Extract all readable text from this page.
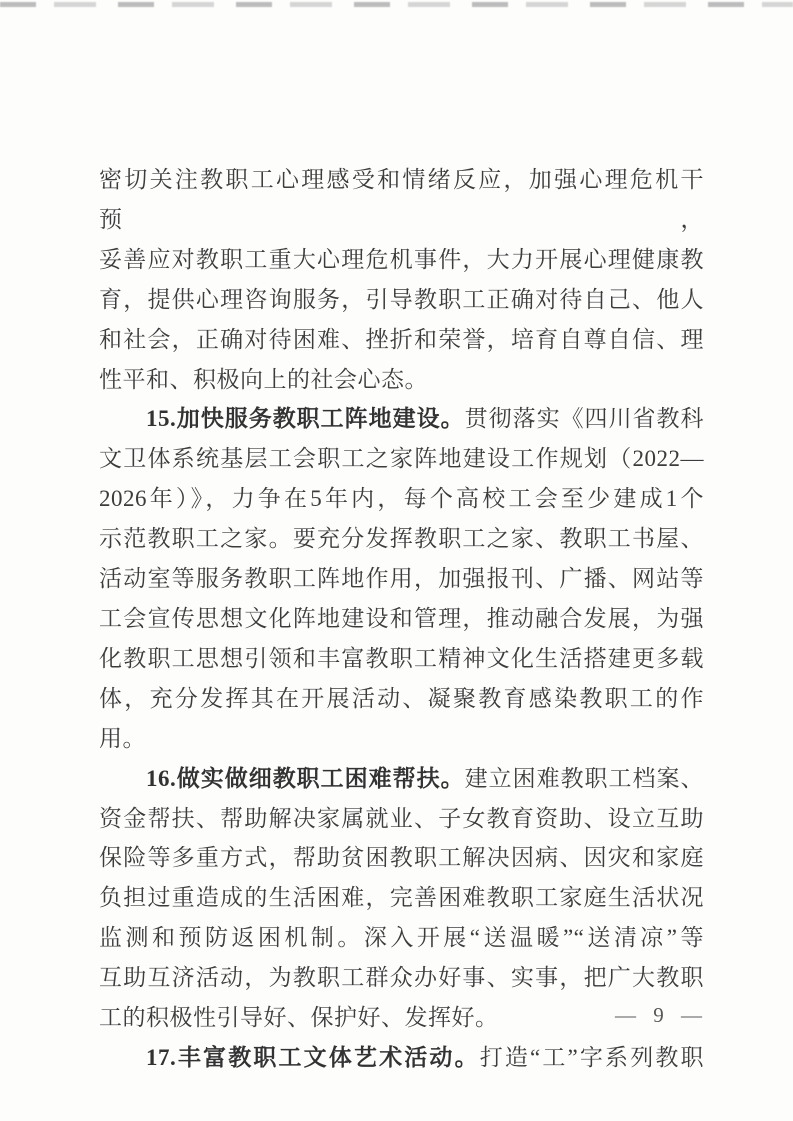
密切关注教职工心理感受和情绪反应，加强心理危机干预，
妥善应对教职工重大心理危机事件，大力开展心理健康教
育，提供心理咨询服务，引导教职工正确对待自己、他人
和社会，正确对待困难、挫折和荣誉，培育自尊自信、理
性平和、积极向上的社会心态。
15.加快服务教职工阵地建设。贯彻落实《四川省教科
文卫体系统基层工会职工之家阵地建设工作规划（2022—
2026年）》，力争在5年内，每个高校工会至少建成1个
示范教职工之家。要充分发挥教职工之家、教职工书屋、
活动室等服务教职工阵地作用，加强报刊、广播、网站等
工会宣传思想文化阵地建设和管理，推动融合发展，为强
化教职工思想引领和丰富教职工精神文化生活搭建更多载
体，充分发挥其在开展活动、凝聚教育感染教职工的作用。
16.做实做细教职工困难帮扶。建立困难教职工档案、
资金帮扶、帮助解决家属就业、子女教育资助、设立互助
保险等多重方式，帮助贫困教职工解决因病、因灾和家庭
负担过重造成的生活困难，完善困难教职工家庭生活状况
监测和预防返困机制。深入开展“送温暖”“送清凉”等
互助互济活动，为教职工群众办好事、实事，把广大教职
工的积极性引导好、保护好、发挥好。
17.丰富教职工文体艺术活动。打造“工”字系列教职
— 9 —
